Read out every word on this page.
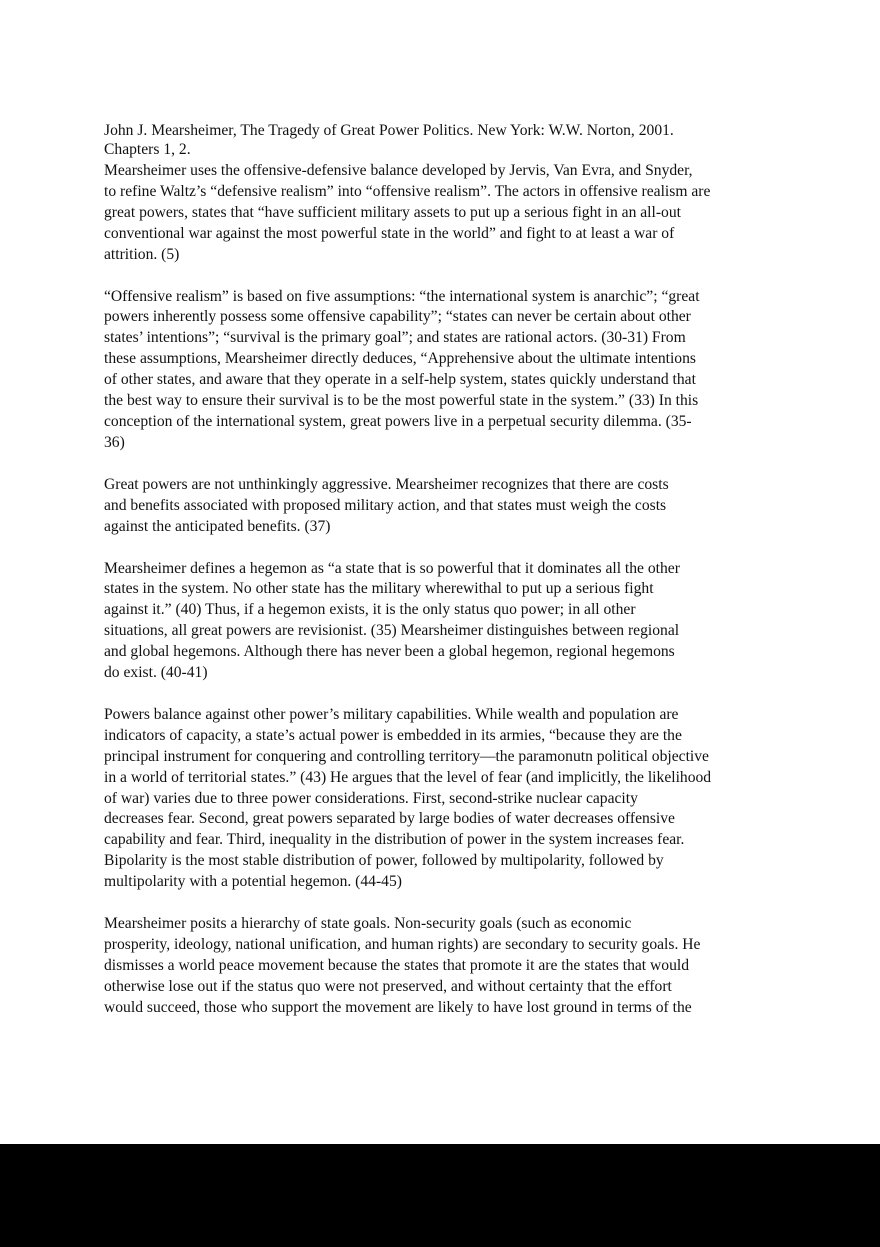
John J. Mearsheimer, The Tragedy of Great Power Politics. New York: W.W. Norton, 2001.
Chapters 1, 2.

Mearsheimer uses the offensive-defensive balance developed by Jervis, Van Evra, and Snyder,
to refine Waltz’s “defensive realism” into “offensive realism”. The actors in offensive realism are
great powers, states that “have sufficient military assets to put up a serious fight in an all-out
conventional war against the most powerful state in the world” and fight to at least a war of
attrition. (5)

“Offensive realism” is based on five assumptions: “the international system is anarchic”; “great
powers inherently possess some offensive capability”; “states can never be certain about other
states’ intentions”; “survival is the primary goal”; and states are rational actors. (30-31) From
these assumptions, Mearsheimer directly deduces, “Apprehensive about the ultimate intentions
of other states, and aware that they operate in a self-help system, states quickly understand that
the best way to ensure their survival is to be the most powerful state in the system.” (33) In this
conception of the international system, great powers live in a perpetual security dilemma. (35-
36)

Great powers are not unthinkingly aggressive. Mearsheimer recognizes that there are costs
and benefits associated with proposed military action, and that states must weigh the costs
against the anticipated benefits. (37)

Mearsheimer defines a hegemon as “a state that is so powerful that it dominates all the other
states in the system. No other state has the military wherewithal to put up a serious fight
against it.” (40) Thus, if a hegemon exists, it is the only status quo power; in all other
situations, all great powers are revisionist. (35) Mearsheimer distinguishes between regional
and global hegemons. Although there has never been a global hegemon, regional hegemons
do exist. (40-41)

Powers balance against other power’s military capabilities. While wealth and population are
indicators of capacity, a state’s actual power is embedded in its armies, “because they are the
principal instrument for conquering and controlling territory—the paramonutn political objective
in a world of territorial states.” (43) He argues that the level of fear (and implicitly, the likelihood
of war) varies due to three power considerations. First, second-strike nuclear capacity
decreases fear. Second, great powers separated by large bodies of water decreases offensive
capability and fear. Third, inequality in the distribution of power in the system increases fear.
Bipolarity is the most stable distribution of power, followed by multipolarity, followed by
multipolarity with a potential hegemon. (44-45)

Mearsheimer posits a hierarchy of state goals. Non-security goals (such as economic
prosperity, ideology, national unification, and human rights) are secondary to security goals. He
dismisses a world peace movement because the states that promote it are the states that would
otherwise lose out if the status quo were not preserved, and without certainty that the effort
would succeed, those who support the movement are likely to have lost ground in terms of the
